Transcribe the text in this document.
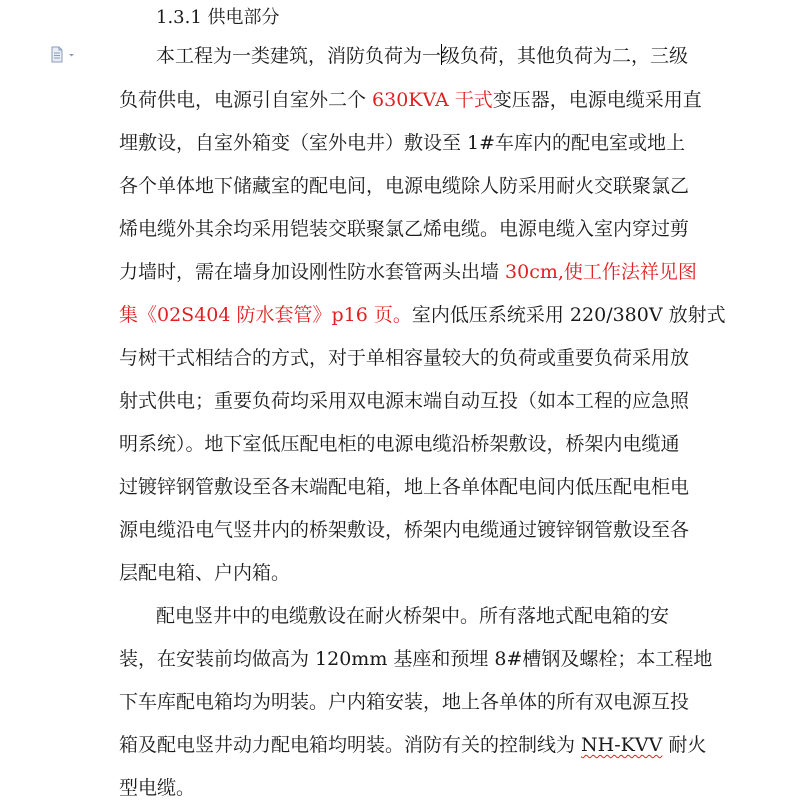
1.3.1 供电部分

本工程为一类建筑，消防负荷为一级负荷，其他负荷为二，三级

负荷供电，电源引自室外二个 630KVA 干式变压器，电源电缆采用直

埋敷设，自室外箱变（室外电井）敷设至 1#车库内的配电室或地上

各个单体地下储藏室的配电间，电源电缆除人防采用耐火交联聚氯乙

烯电缆外其余均采用铠装交联聚氯乙烯电缆。电源电缆入室内穿过剪

力墙时，需在墙身加设刚性防水套管两头出墙 30cm,使工作法祥见图

集《02S404 防水套管》p16 页。室内低压系统采用 220/380V 放射式

与树干式相结合的方式，对于单相容量较大的负荷或重要负荷采用放

射式供电；重要负荷均采用双电源末端自动互投（如本工程的应急照

明系统）。地下室低压配电柜的电源电缆沿桥架敷设，桥架内电缆通

过镀锌钢管敷设至各末端配电箱，地上各单体配电间内低压配电柜电

源电缆沿电气竖井内的桥架敷设，桥架内电缆通过镀锌钢管敷设至各

层配电箱、户内箱。

配电竖井中的电缆敷设在耐火桥架中。所有落地式配电箱的安

装，在安装前均做高为 120mm 基座和预埋 8#槽钢及螺栓；本工程地

下车库配电箱均为明装。户内箱安装，地上各单体的所有双电源互投

箱及配电竖井动力配电箱均明装。消防有关的控制线为 NH-KVV 耐火

型电缆。
